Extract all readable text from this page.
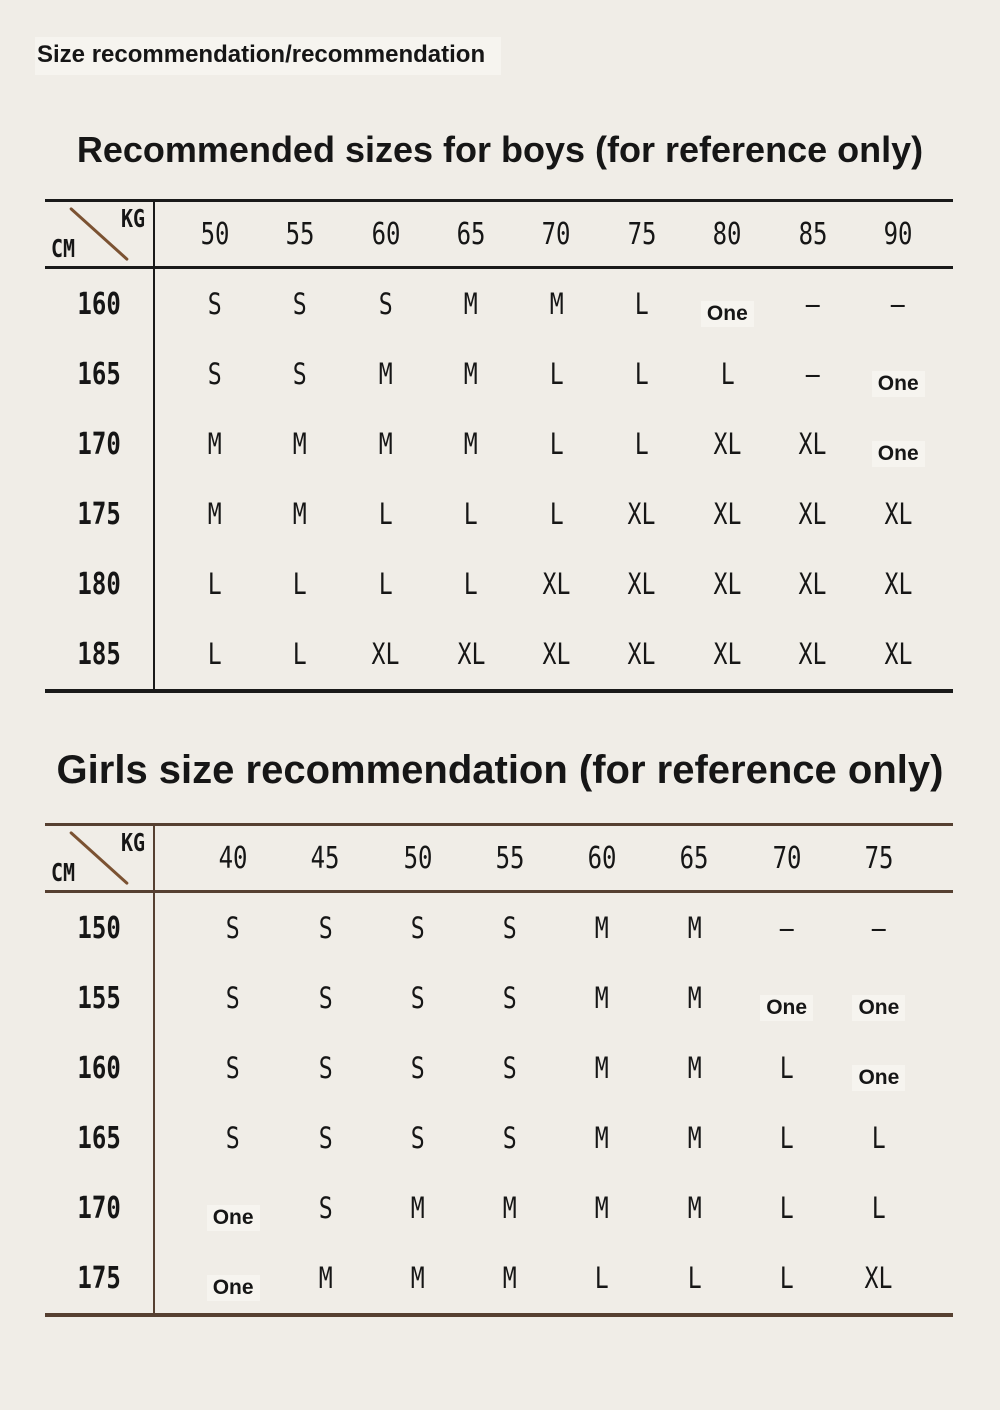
Size recommendation/recommendation
Recommended sizes for boys (for reference only)
KG
CM	50 55 60 65 70 75 80 85 90
160	S S S M M L	One – –
165	S S M M L L L –	One
170	M M M M L L XL XL One
175	M M L L L XL XL XL XL
180	L L L L XL XL XL XL XL
185	L L XL XL XL XL XL XL XL
Girls size recommendation (for reference only)
KG
CM	40 45 50 55 60 65 70 75
150	S	S	S	S	M	M	–	–
155	S	S	S	S	M	M	One One
160	S	S	S	S	M	M	L	One
165	S	S	S	S	M	M	L	L
170	One S	M	M	M	M	L	L
175	One M	M	M	L	L	L XL
